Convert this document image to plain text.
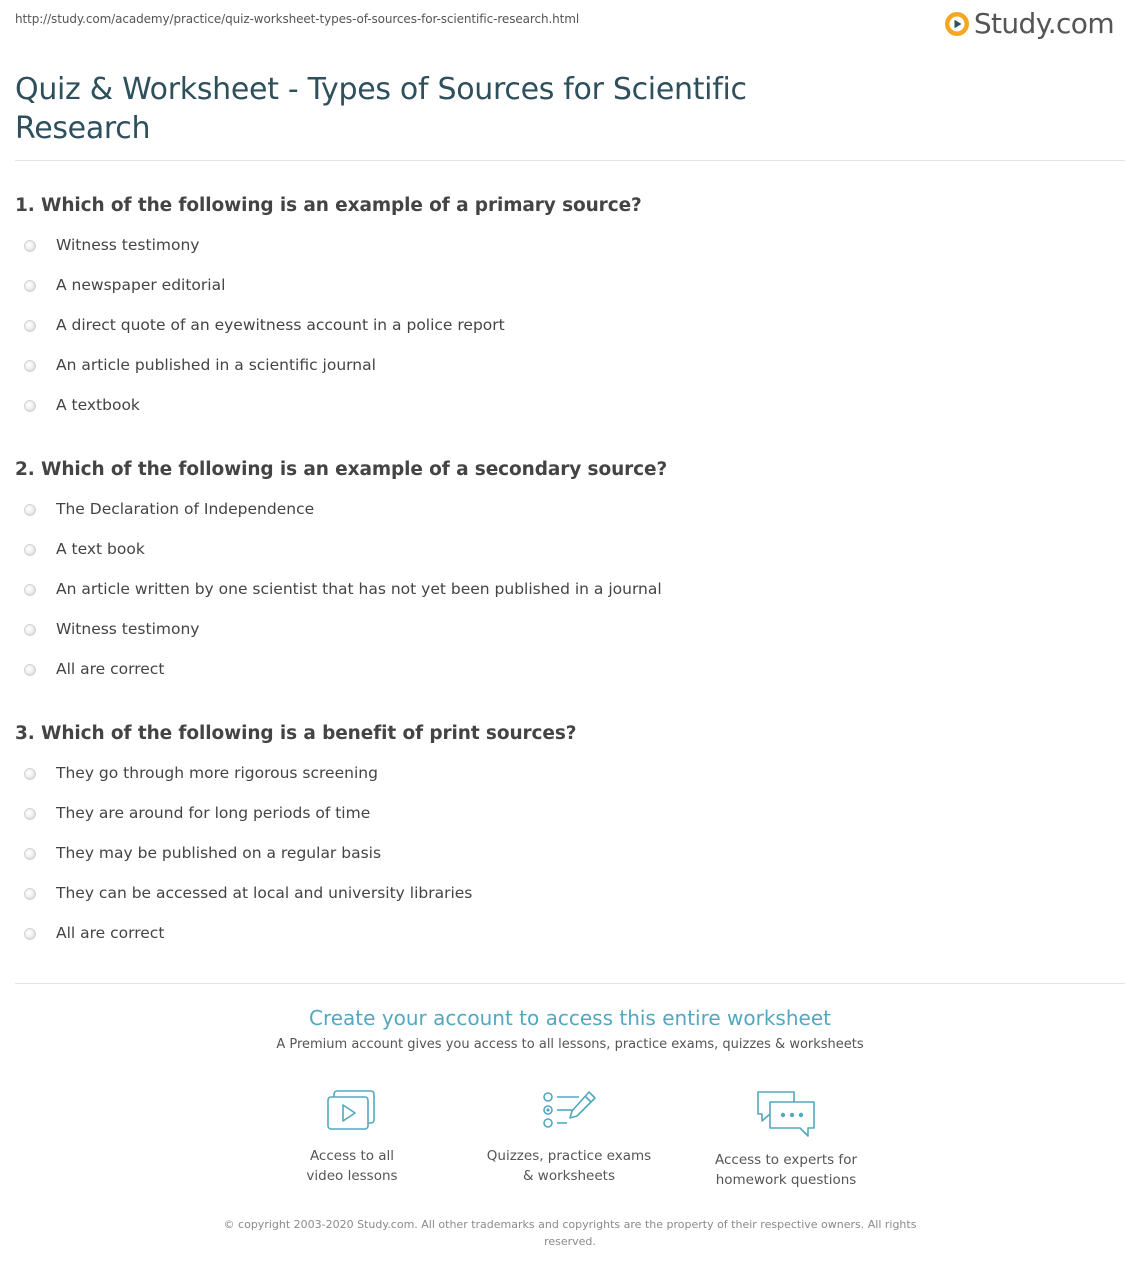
http://study.com/academy/practice/quiz-worksheet-types-of-sources-for-scientific-research.html	Study.com
Quiz & Worksheet - Types of Sources for Scientific Research
1. Which of the following is an example of a primary source?
Witness testimony
A newspaper editorial
A direct quote of an eyewitness account in a police report
An article published in a scientific journal
A textbook
2. Which of the following is an example of a secondary source?
The Declaration of Independence
A text book
An article written by one scientist that has not yet been published in a journal
Witness testimony
All are correct
3. Which of the following is a benefit of print sources?
They go through more rigorous screening
They are around for long periods of time
They may be published on a regular basis
They can be accessed at local and university libraries
All are correct
Create your account to access this entire worksheet
A Premium account gives you access to all lessons, practice exams, quizzes & worksheets
Access to all
video lessons
Quizzes, practice exams
& worksheets
Access to experts for
homework questions
© copyright 2003-2020 Study.com. All other trademarks and copyrights are the property of their respective owners. All rights reserved.
